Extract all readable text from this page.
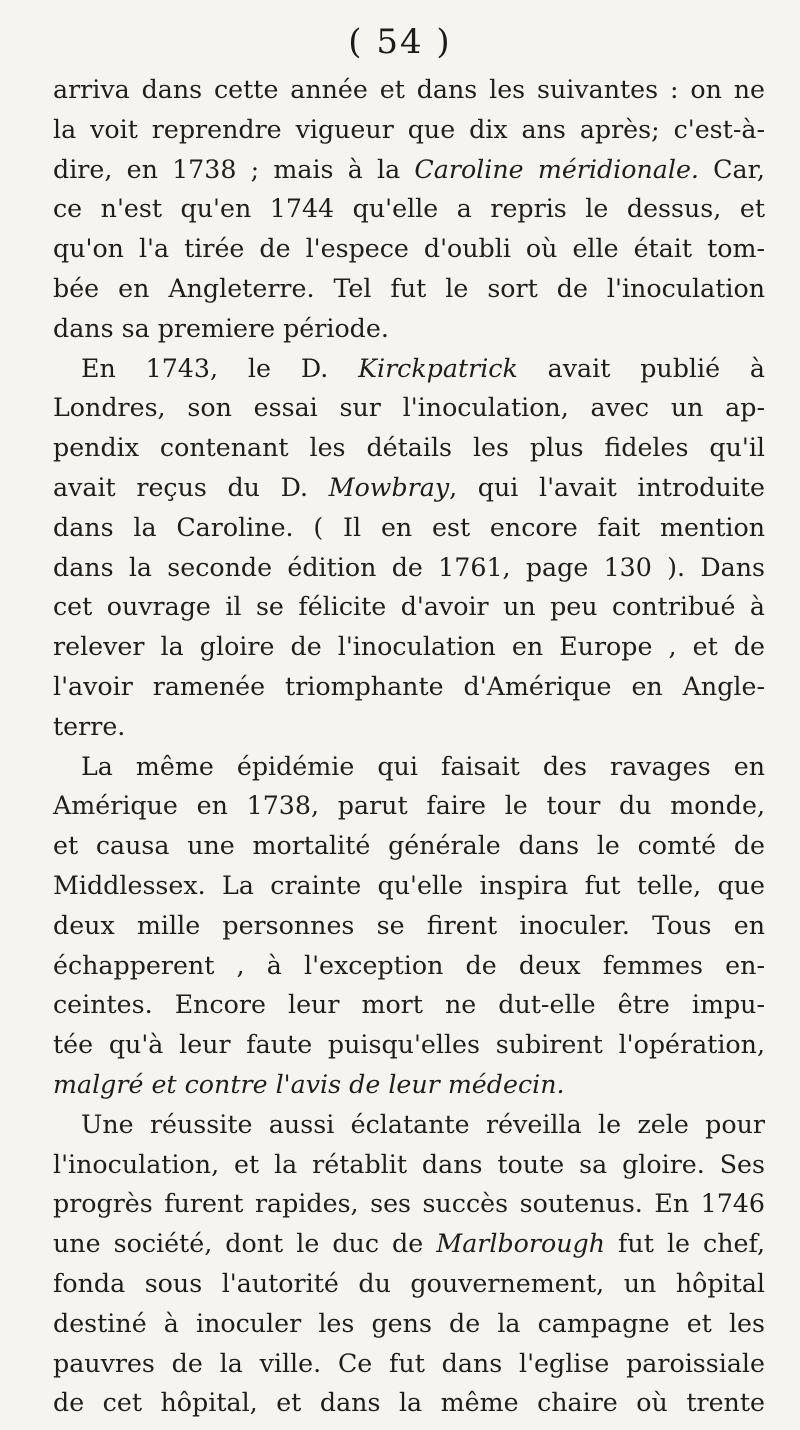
( 54 )
arriva dans cette année et dans les suivantes : on ne
la voit reprendre vigueur que dix ans après; c'est-à-
dire, en 1738 ; mais à la Caroline méridionale. Car,
ce n'est qu'en 1744 qu'elle a repris le dessus, et
qu'on l'a tirée de l'espece d'oubli où elle était tom-
bée en Angleterre. Tel fut le sort de l'inoculation
dans sa premiere période.
En 1743, le D. Kirckpatrick avait publié à
Londres, son essai sur l'inoculation, avec un ap-
pendix contenant les détails les plus fideles qu'il
avait reçus du D. Mowbray, qui l'avait introduite
dans la Caroline. ( Il en est encore fait mention
dans la seconde édition de 1761, page 130 ). Dans
cet ouvrage il se félicite d'avoir un peu contribué à
relever la gloire de l'inoculation en Europe , et de
l'avoir ramenée triomphante d'Amérique en Angle-
terre.
La même épidémie qui faisait des ravages en
Amérique en 1738, parut faire le tour du monde,
et causa une mortalité générale dans le comté de
Middlessex. La crainte qu'elle inspira fut telle, que
deux mille personnes se firent inoculer. Tous en
échapperent , à l'exception de deux femmes en-
ceintes. Encore leur mort ne dut-elle être impu-
tée qu'à leur faute puisqu'elles subirent l'opération,
malgré et contre l'avis de leur médecin.
Une réussite aussi éclatante réveilla le zele pour
l'inoculation, et la rétablit dans toute sa gloire. Ses
progrès furent rapides, ses succès soutenus. En 1746
une société, dont le duc de Marlborough fut le chef,
fonda sous l'autorité du gouvernement, un hôpital
destiné à inoculer les gens de la campagne et les
pauvres de la ville. Ce fut dans l'eglise paroissiale
de cet hôpital, et dans la même chaire où trente
